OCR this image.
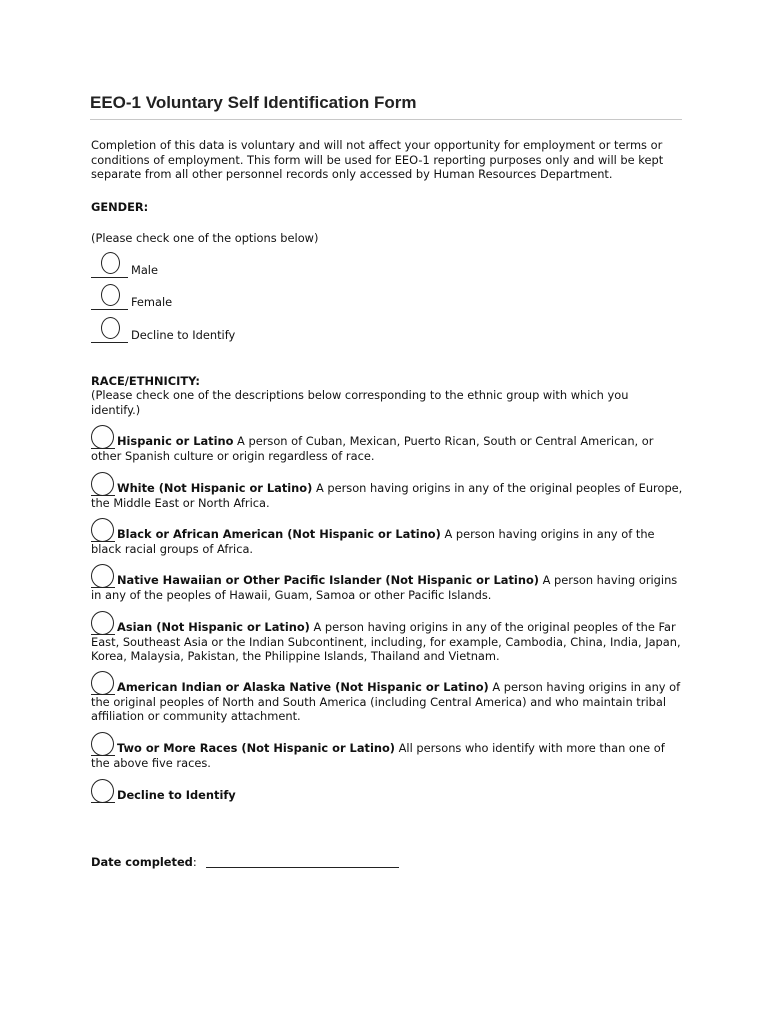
EEO-1 Voluntary Self Identification Form

Completion of this data is voluntary and will not affect your opportunity for employment or terms or conditions of employment. This form will be used for EEO-1 reporting purposes only and will be kept separate from all other personnel records only accessed by Human Resources Department.

GENDER:

(Please check one of the options below)

Male
Female
Decline to Identify

RACE/ETHNICITY:

(Please check one of the descriptions below corresponding to the ethnic group with which you identify.)

Hispanic or Latino A person of Cuban, Mexican, Puerto Rican, South or Central American, or other Spanish culture or origin regardless of race.

White (Not Hispanic or Latino) A person having origins in any of the original peoples of Europe, the Middle East or North Africa.

Black or African American (Not Hispanic or Latino) A person having origins in any of the black racial groups of Africa.

Native Hawaiian or Other Pacific Islander (Not Hispanic or Latino) A person having origins in any of the peoples of Hawaii, Guam, Samoa or other Pacific Islands.

Asian (Not Hispanic or Latino) A person having origins in any of the original peoples of the Far East, Southeast Asia or the Indian Subcontinent, including, for example, Cambodia, China, India, Japan, Korea, Malaysia, Pakistan, the Philippine Islands, Thailand and Vietnam.

American Indian or Alaska Native (Not Hispanic or Latino) A person having origins in any of the original peoples of North and South America (including Central America) and who maintain tribal affiliation or community attachment.

Two or More Races (Not Hispanic or Latino) All persons who identify with more than one of the above five races.

Decline to Identify

Date completed:
